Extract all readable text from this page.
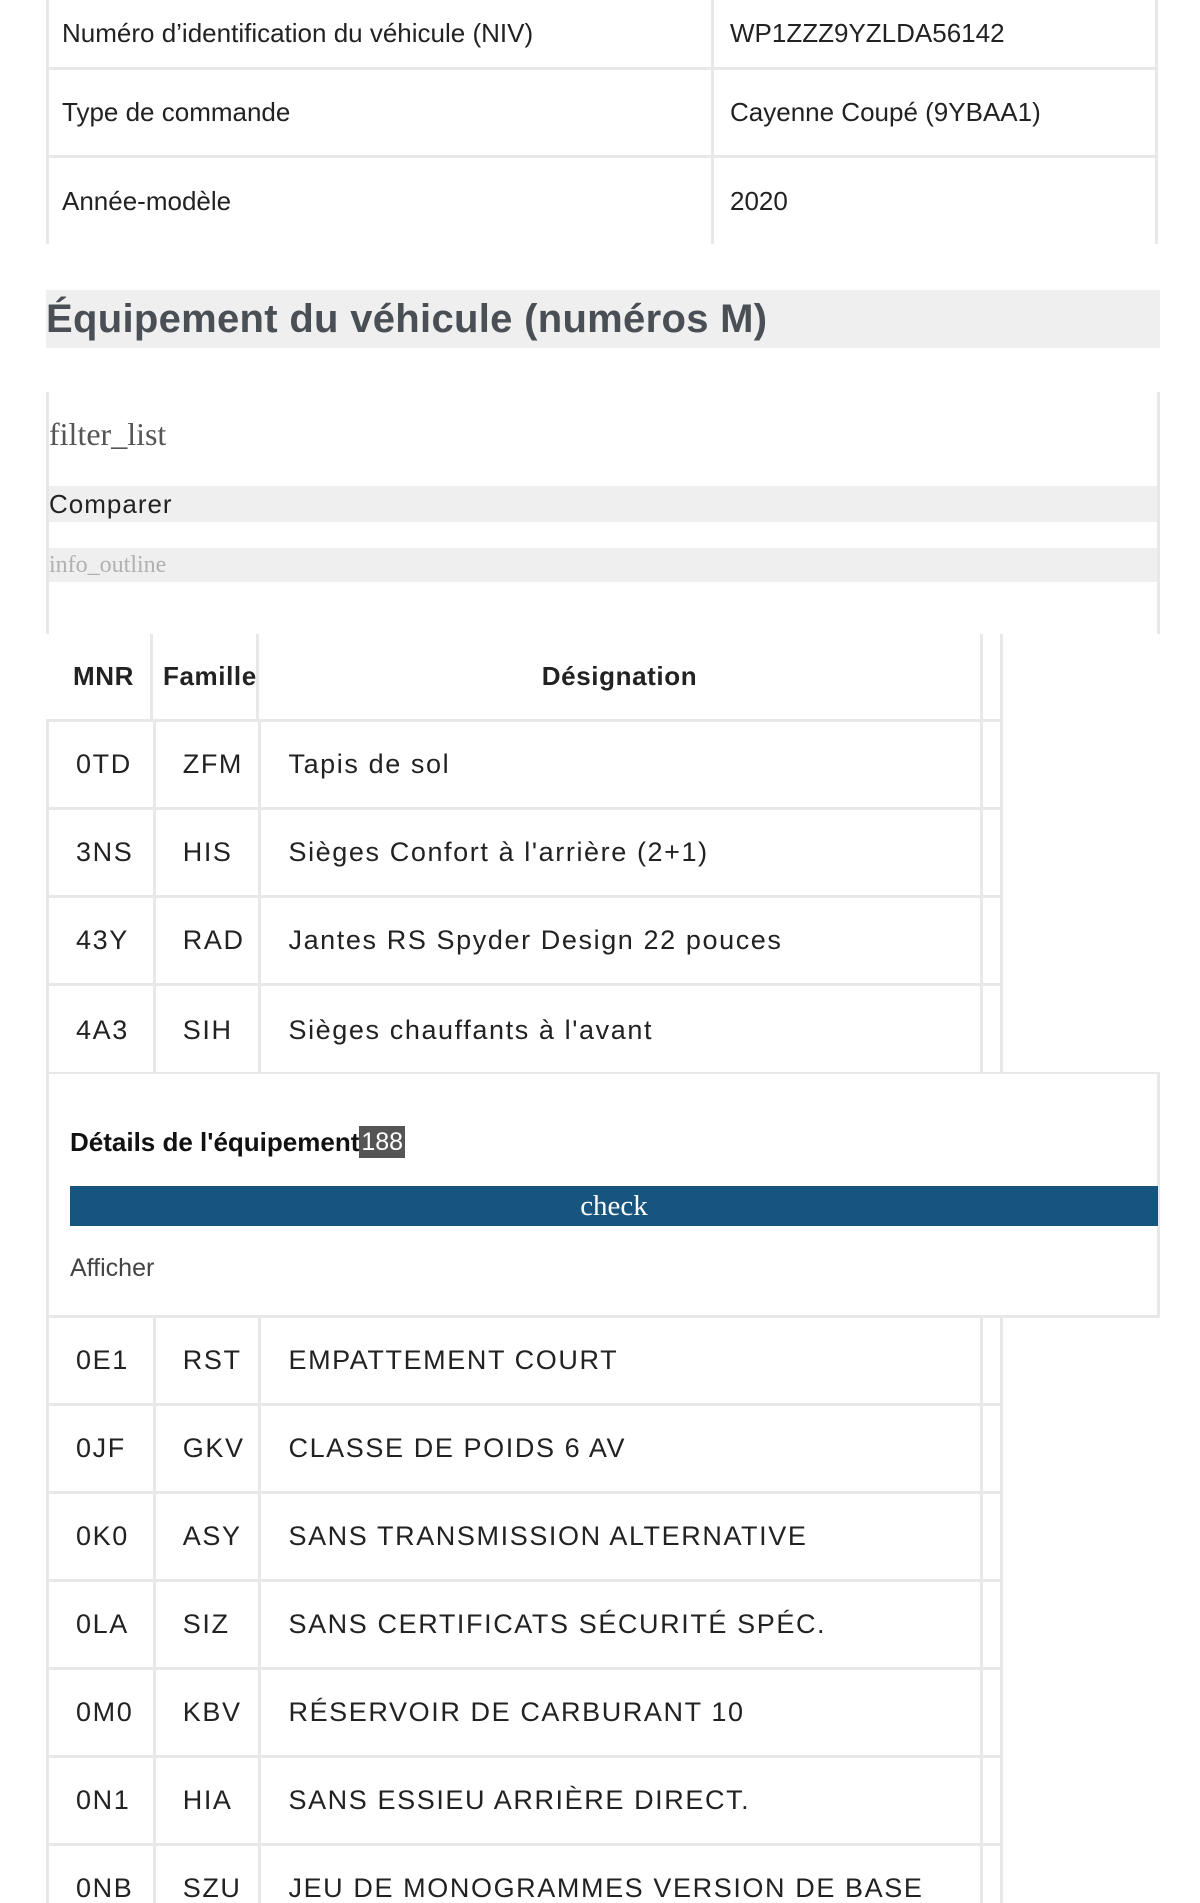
Numéro d’identification du véhicule (NIV)	WP1ZZZ9YZLDA56142
Type de commande	Cayenne Coupé (9YBAA1)
Année-modèle	2020
Équipement du véhicule (numéros M)
filter_list
Comparer
info_outline
MNR	Famille	Désignation
0TD	ZFM	Tapis de sol
3NS	HIS	Sièges Confort à l'arrière (2+1)
43Y	RAD	Jantes RS Spyder Design 22 pouces
4A3	SIH	Sièges chauffants à l'avant
Détails de l'équipement 188
check
Afficher
0E1	RST	EMPATTEMENT COURT
0JF	GKV	CLASSE DE POIDS 6 AV
0K0	ASY	SANS TRANSMISSION ALTERNATIVE
0LA	SIZ	SANS CERTIFICATS SÉCURITÉ SPÉC.
0M0	KBV	RÉSERVOIR DE CARBURANT 10
0N1	HIA	SANS ESSIEU ARRIÈRE DIRECT.
0NB	SZU	JEU DE MONOGRAMMES VERSION DE BASE
